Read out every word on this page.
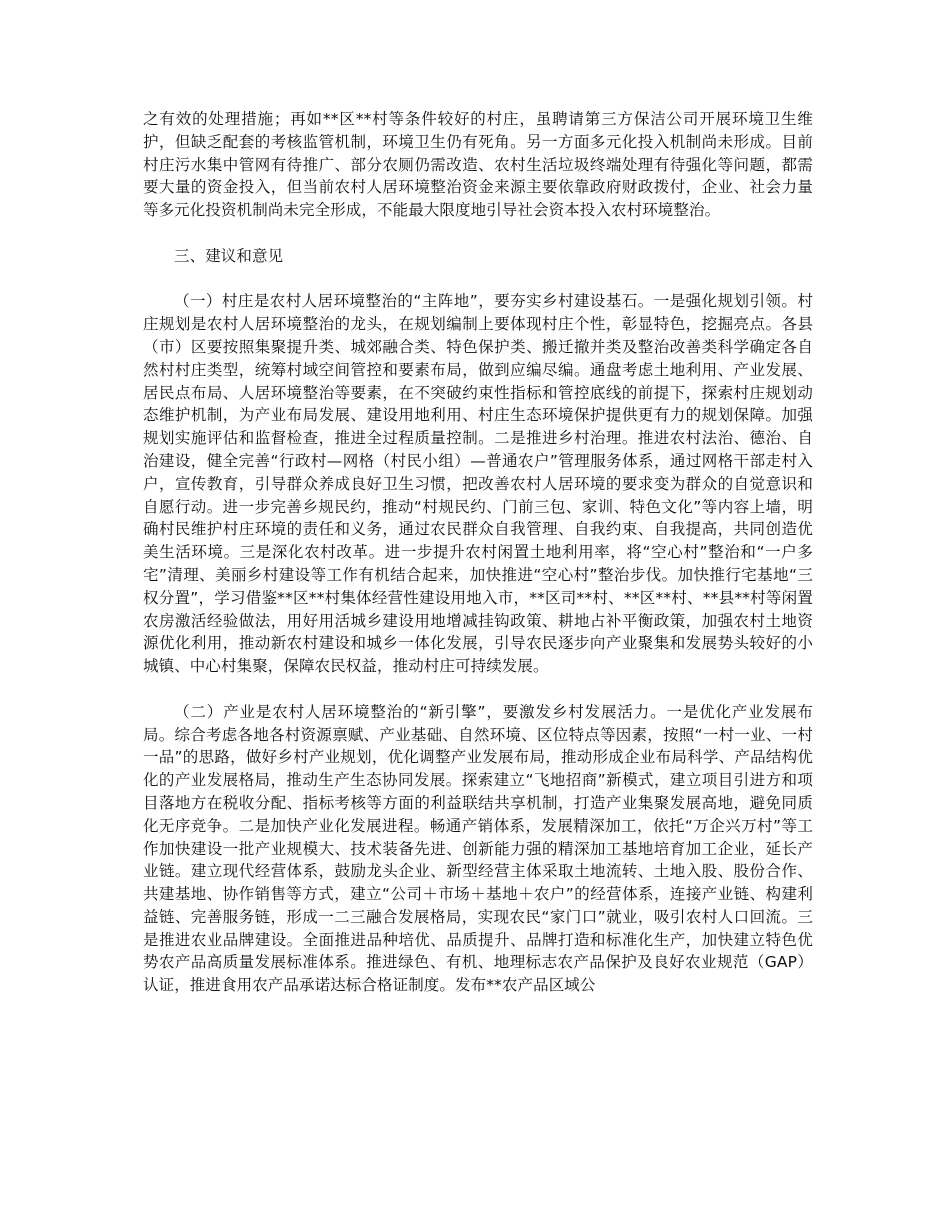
之有效的处理措施；再如**区**村等条件较好的村庄，虽聘请第三方保洁公司开展环境卫生维护，但缺乏配套的考核监管机制，环境卫生仍有死角。另一方面多元化投入机制尚未形成。目前村庄污水集中管网有待推广、部分农厕仍需改造、农村生活垃圾终端处理有待强化等问题，都需要大量的资金投入，但当前农村人居环境整治资金来源主要依靠政府财政拨付，企业、社会力量等多元化投资机制尚未完全形成，不能最大限度地引导社会资本投入农村环境整治。

三、建议和意见

（一）村庄是农村人居环境整治的“主阵地”，要夯实乡村建设基石。一是强化规划引领。村庄规划是农村人居环境整治的龙头，在规划编制上要体现村庄个性，彰显特色，挖掘亮点。各县（市）区要按照集聚提升类、城郊融合类、特色保护类、搬迁撤并类及整治改善类科学确定各自然村村庄类型，统筹村域空间管控和要素布局，做到应编尽编。通盘考虑土地利用、产业发展、居民点布局、人居环境整治等要素，在不突破约束性指标和管控底线的前提下，探索村庄规划动态维护机制，为产业布局发展、建设用地利用、村庄生态环境保护提供更有力的规划保障。加强规划实施评估和监督检查，推进全过程质量控制。二是推进乡村治理。推进农村法治、德治、自治建设，健全完善“行政村—网格（村民小组）—普通农户”管理服务体系，通过网格干部走村入户，宣传教育，引导群众养成良好卫生习惯，把改善农村人居环境的要求变为群众的自觉意识和自愿行动。进一步完善乡规民约，推动“村规民约、门前三包、家训、特色文化”等内容上墙，明确村民维护村庄环境的责任和义务，通过农民群众自我管理、自我约束、自我提高，共同创造优美生活环境。三是深化农村改革。进一步提升农村闲置土地利用率，将“空心村”整治和“一户多宅”清理、美丽乡村建设等工作有机结合起来，加快推进“空心村”整治步伐。加快推行宅基地“三权分置”，学习借鉴**区**村集体经营性建设用地入市，**区司**村、**区**村、**县**村等闲置农房激活经验做法，用好用活城乡建设用地增减挂钩政策、耕地占补平衡政策，加强农村土地资源优化利用，推动新农村建设和城乡一体化发展，引导农民逐步向产业聚集和发展势头较好的小城镇、中心村集聚，保障农民权益，推动村庄可持续发展。

（二）产业是农村人居环境整治的“新引擎”，要激发乡村发展活力。一是优化产业发展布局。综合考虑各地各村资源禀赋、产业基础、自然环境、区位特点等因素，按照“一村一业、一村一品”的思路，做好乡村产业规划，优化调整产业发展布局，推动形成企业布局科学、产品结构优化的产业发展格局，推动生产生态协同发展。探索建立“飞地招商”新模式，建立项目引进方和项目落地方在税收分配、指标考核等方面的利益联结共享机制，打造产业集聚发展高地，避免同质化无序竞争。二是加快产业化发展进程。畅通产销体系，发展精深加工，依托“万企兴万村”等工作加快建设一批产业规模大、技术装备先进、创新能力强的精深加工基地培育加工企业，延长产业链。建立现代经营体系，鼓励龙头企业、新型经营主体采取土地流转、土地入股、股份合作、共建基地、协作销售等方式，建立“公司＋市场＋基地＋农户”的经营体系，连接产业链、构建利益链、完善服务链，形成一二三融合发展格局，实现农民“家门口”就业，吸引农村人口回流。三是推进农业品牌建设。全面推进品种培优、品质提升、品牌打造和标准化生产，加快建立特色优势农产品高质量发展标准体系。推进绿色、有机、地理标志农产品保护及良好农业规范（GAP）认证，推进食用农产品承诺达标合格证制度。发布**农产品区域公
